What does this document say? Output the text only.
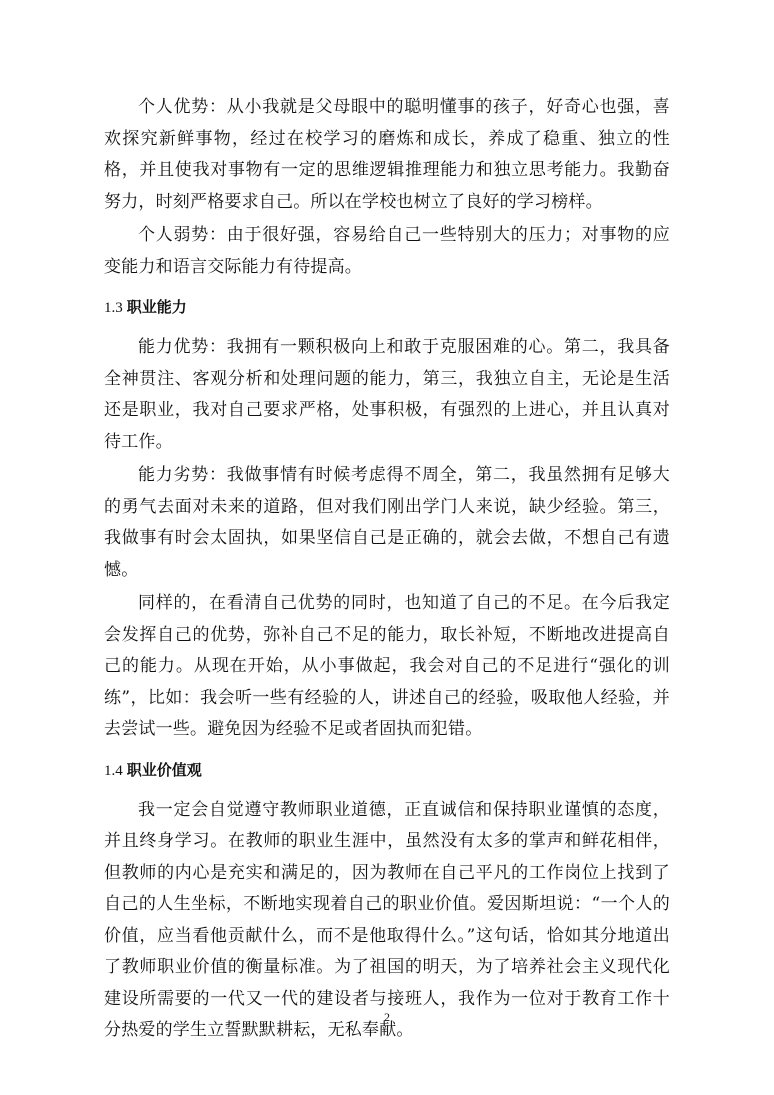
个人优势：从小我就是父母眼中的聪明懂事的孩子，好奇心也强，喜欢探究新鲜事物，经过在校学习的磨炼和成长，养成了稳重、独立的性格，并且使我对事物有一定的思维逻辑推理能力和独立思考能力。我勤奋努力，时刻严格要求自己。所以在学校也树立了良好的学习榜样。

个人弱势：由于很好强，容易给自己一些特别大的压力；对事物的应变能力和语言交际能力有待提高。

1.3 职业能力

能力优势：我拥有一颗积极向上和敢于克服困难的心。第二，我具备全神贯注、客观分析和处理问题的能力，第三，我独立自主，无论是生活还是职业，我对自己要求严格，处事积极，有强烈的上进心，并且认真对待工作。

能力劣势：我做事情有时候考虑得不周全，第二，我虽然拥有足够大的勇气去面对未来的道路，但对我们刚出学门人来说，缺少经验。第三，我做事有时会太固执，如果坚信自己是正确的，就会去做，不想自己有遗憾。

同样的，在看清自己优势的同时，也知道了自己的不足。在今后我定会发挥自己的优势，弥补自己不足的能力，取长补短，不断地改进提高自己的能力。从现在开始，从小事做起，我会对自己的不足进行“强化的训练”，比如：我会听一些有经验的人，讲述自己的经验，吸取他人经验，并去尝试一些。避免因为经验不足或者固执而犯错。

1.4 职业价值观

我一定会自觉遵守教师职业道德，正直诚信和保持职业谨慎的态度，并且终身学习。在教师的职业生涯中，虽然没有太多的掌声和鲜花相伴，但教师的内心是充实和满足的，因为教师在自己平凡的工作岗位上找到了自己的人生坐标，不断地实现着自己的职业价值。爱因斯坦说：“一个人的价值，应当看他贡献什么，而不是他取得什么。”这句话，恰如其分地道出了教师职业价值的衡量标准。为了祖国的明天，为了培养社会主义现代化建设所需要的一代又一代的建设者与接班人，我作为一位对于教育工作十分热爱的学生立誓默默耕耘，无私奉献。

2
